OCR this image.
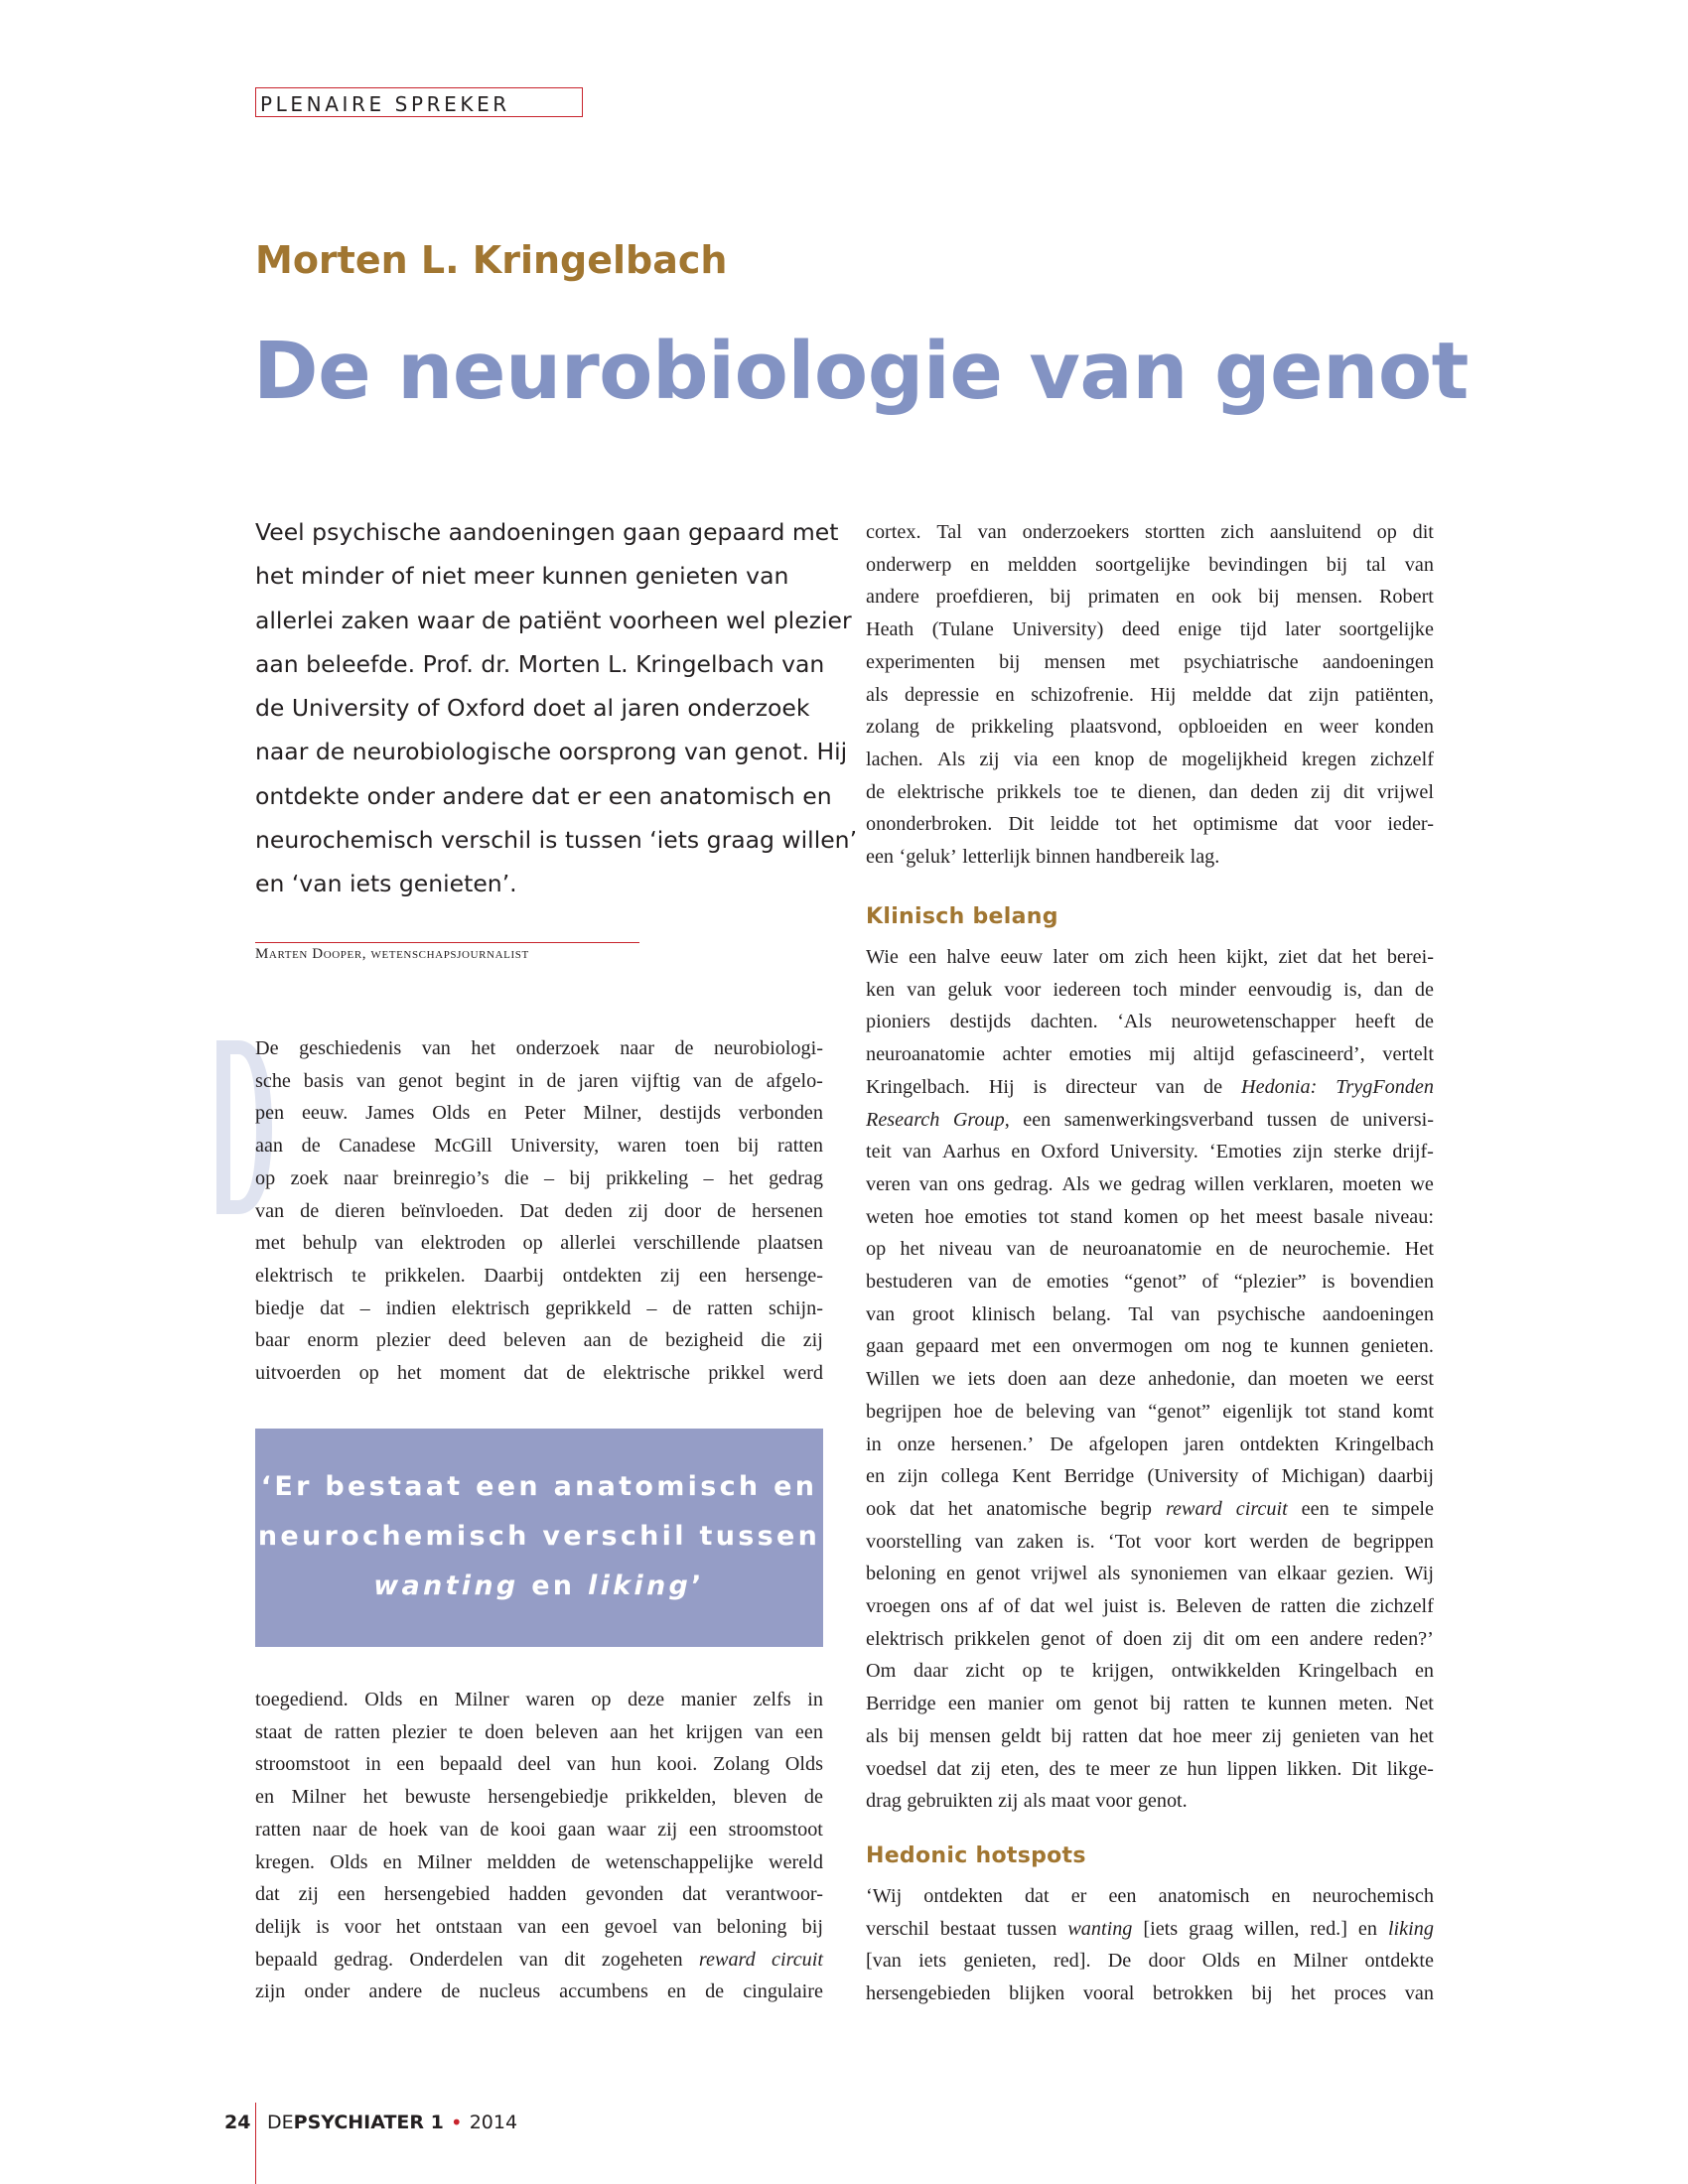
PLENAIRE SPREKER
Morten L. Kringelbach
De neurobiologie van genot
Veel psychische aandoeningen gaan gepaard met
het minder of niet meer kunnen genieten van
allerlei zaken waar de patiënt voorheen wel plezier
aan beleefde. Prof. dr. Morten L. Kringelbach van
de University of Oxford doet al jaren onderzoek
naar de neurobiologische oorsprong van genot. Hij
ontdekte onder andere dat er een anatomisch en
neurochemisch verschil is tussen ‘iets graag willen’
en ‘van iets genieten’.
Marten Dooper, wetenschapsjournalist
De geschiedenis van het onderzoek naar de neurobiologi-
sche basis van genot begint in de jaren vijftig van de afgelo-
pen eeuw. James Olds en Peter Milner, destijds verbonden
aan de Canadese McGill University, waren toen bij ratten
op zoek naar breinregio’s die – bij prikkeling – het gedrag
van de dieren beïnvloeden. Dat deden zij door de hersenen
met behulp van elektroden op allerlei verschillende plaatsen
elektrisch te prikkelen. Daarbij ontdekten zij een hersenge-
biedje dat – indien elektrisch geprikkeld – de ratten schijn-
baar enorm plezier deed beleven aan de bezigheid die zij
uitvoerden op het moment dat de elektrische prikkel werd
‘Er bestaat een anatomisch en
neurochemisch verschil tussen
wanting en liking’
toegediend. Olds en Milner waren op deze manier zelfs in
staat de ratten plezier te doen beleven aan het krijgen van een
stroomstoot in een bepaald deel van hun kooi. Zolang Olds
en Milner het bewuste hersengebiedje prikkelden, bleven de
ratten naar de hoek van de kooi gaan waar zij een stroomstoot
kregen. Olds en Milner meldden de wetenschappelijke wereld
dat zij een hersengebied hadden gevonden dat verantwoor-
delijk is voor het ontstaan van een gevoel van beloning bij
bepaald gedrag. Onderdelen van dit zogeheten reward circuit
zijn onder andere de nucleus accumbens en de cingulaire
cortex. Tal van onderzoekers stortten zich aansluitend op dit
onderwerp en meldden soortgelijke bevindingen bij tal van
andere proefdieren, bij primaten en ook bij mensen. Robert
Heath (Tulane University) deed enige tijd later soortgelijke
experimenten bij mensen met psychiatrische aandoeningen
als depressie en schizofrenie. Hij meldde dat zijn patiënten,
zolang de prikkeling plaatsvond, opbloeiden en weer konden
lachen. Als zij via een knop de mogelijkheid kregen zichzelf
de elektrische prikkels toe te dienen, dan deden zij dit vrijwel
ononderbroken. Dit leidde tot het optimisme dat voor ieder-
een ‘geluk’ letterlijk binnen handbereik lag.
Klinisch belang
Wie een halve eeuw later om zich heen kijkt, ziet dat het berei-
ken van geluk voor iedereen toch minder eenvoudig is, dan de
pioniers destijds dachten. ‘Als neurowetenschapper heeft de
neuroanatomie achter emoties mij altijd gefascineerd’, vertelt
Kringelbach. Hij is directeur van de Hedonia: TrygFonden
Research Group, een samenwerkingsverband tussen de universi-
teit van Aarhus en Oxford University. ‘Emoties zijn sterke drijf-
veren van ons gedrag. Als we gedrag willen verklaren, moeten we
weten hoe emoties tot stand komen op het meest basale niveau:
op het niveau van de neuroanatomie en de neurochemie. Het
bestuderen van de emoties “genot” of “plezier” is bovendien
van groot klinisch belang. Tal van psychische aandoeningen
gaan gepaard met een onvermogen om nog te kunnen genieten.
Willen we iets doen aan deze anhedonie, dan moeten we eerst
begrijpen hoe de beleving van “genot” eigenlijk tot stand komt
in onze hersenen.’ De afgelopen jaren ontdekten Kringelbach
en zijn collega Kent Berridge (University of Michigan) daarbij
ook dat het anatomische begrip reward circuit een te simpele
voorstelling van zaken is. ‘Tot voor kort werden de begrippen
beloning en genot vrijwel als synoniemen van elkaar gezien. Wij
vroegen ons af of dat wel juist is. Beleven de ratten die zichzelf
elektrisch prikkelen genot of doen zij dit om een andere reden?’
Om daar zicht op te krijgen, ontwikkelden Kringelbach en
Berridge een manier om genot bij ratten te kunnen meten. Net
als bij mensen geldt bij ratten dat hoe meer zij genieten van het
voedsel dat zij eten, des te meer ze hun lippen likken. Dit likge-
drag gebruikten zij als maat voor genot.
Hedonic hotspots
‘Wij ontdekten dat er een anatomisch en neurochemisch
verschil bestaat tussen wanting [iets graag willen, red.] en liking
[van iets genieten, red]. De door Olds en Milner ontdekte
hersengebieden blijken vooral betrokken bij het proces van
24 DE PSYCHIATER 1 • 2014
